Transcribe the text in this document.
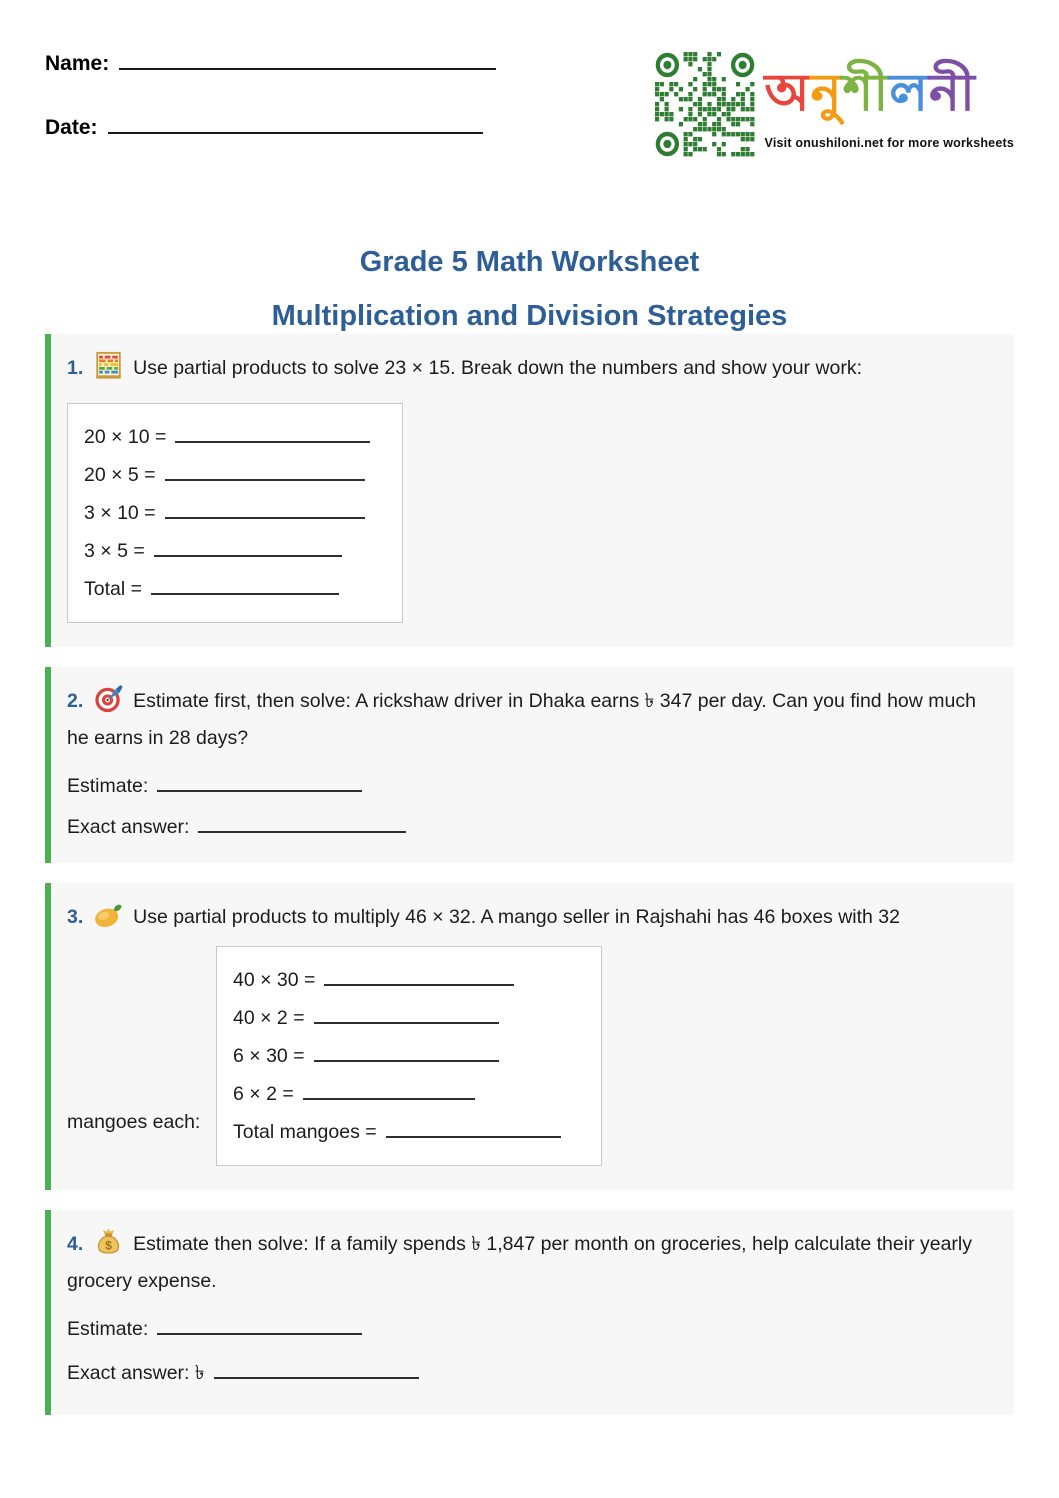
Name:
Date:
অনুশীলনী
Visit onushiloni.net for more worksheets
Grade 5 Math Worksheet
Multiplication and Division Strategies

1.	Use partial products to solve 23 × 15. Break down the numbers and show your work:

20 × 10 =
20 × 5 =
3 × 10 =
3 × 5 =
Total =

2.	Estimate first, then solve: A rickshaw driver in Dhaka earns ৳ 347 per day. Can you find how much he earns in 28 days?

Estimate:
Exact answer:

3.	Use partial products to multiply 46 × 32. A mango seller in Rajshahi has 46 boxes with 32

mangoes each:
40 × 30 =
40 × 2 =
6 × 30 =
6 × 2 =
Total mangoes =

4. $ Estimate then solve: If a family spends ৳ 1,847 per month on groceries, help calculate their yearly grocery expense.

Estimate:
Exact answer: ৳
